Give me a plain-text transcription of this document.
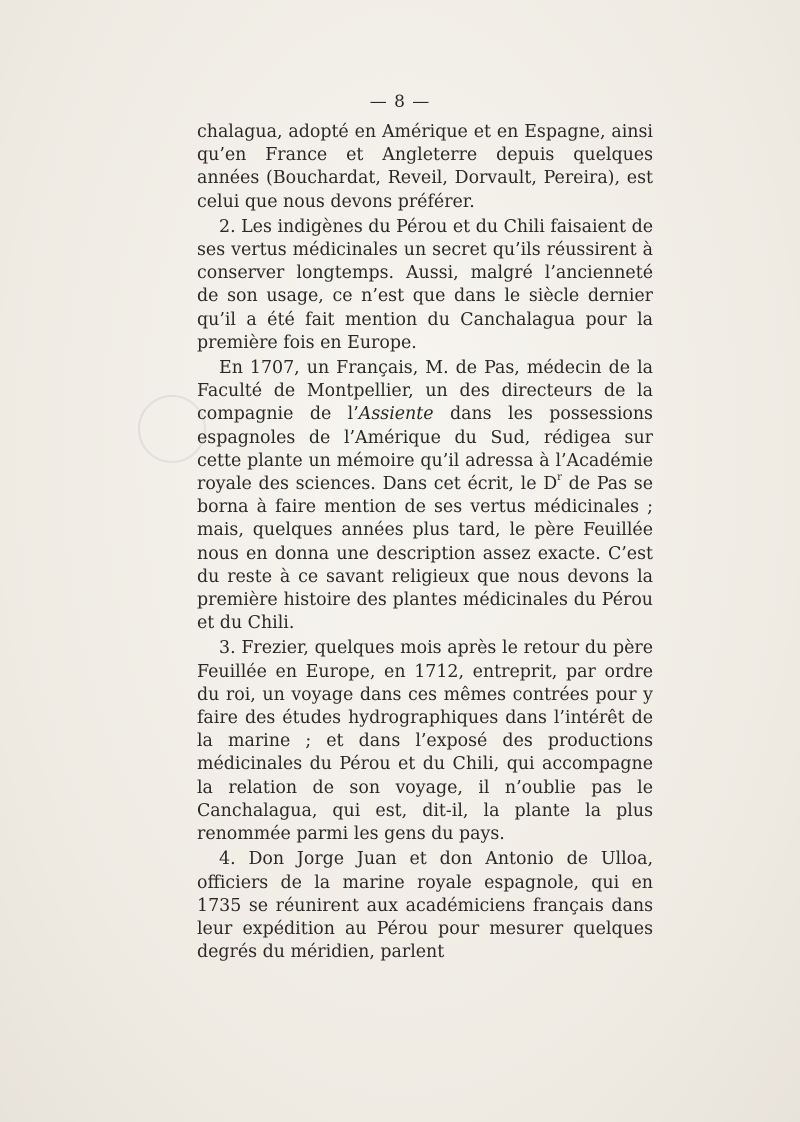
— 8 —

chalagua, adopté en Amérique et en Espagne, ainsi qu’en France et Angleterre depuis quelques années (Bouchardat, Reveil, Dorvault, Pereira), est celui que nous devons préférer.

2. Les indigènes du Pérou et du Chili faisaient de ses vertus médicinales un secret qu’ils réussirent à conserver longtemps. Aussi, malgré l’ancienneté de son usage, ce n’est que dans le siècle dernier qu’il a été fait mention du Canchalagua pour la première fois en Europe.

En 1707, un Français, M. de Pas, médecin de la Faculté de Montpellier, un des directeurs de la compagnie de l’Assiente dans les possessions espagnoles de l’Amérique du Sud, rédigea sur cette plante un mémoire qu’il adressa à l’Académie royale des sciences. Dans cet écrit, le $D^r$ de Pas se borna à faire mention de ses vertus médicinales ; mais, quelques années plus tard, le père Feuillée nous en donna une description assez exacte. C’est du reste à ce savant religieux que nous devons la première histoire des plantes médicinales du Pérou et du Chili.

3. Frezier, quelques mois après le retour du père Feuillée en Europe, en 1712, entreprit, par ordre du roi, un voyage dans ces mêmes contrées pour y faire des études hydrographiques dans l’intérêt de la marine ; et dans l’exposé des productions médicinales du Pérou et du Chili, qui accompagne la relation de son voyage, il n’oublie pas le Canchalagua, qui est, dit-il, la plante la plus renommée parmi les gens du pays.

4. Don Jorge Juan et don Antonio de Ulloa, officiers de la marine royale espagnole, qui en 1735 se réunirent aux académiciens français dans leur expédition au Pérou pour mesurer quelques degrés du méridien, parlent
